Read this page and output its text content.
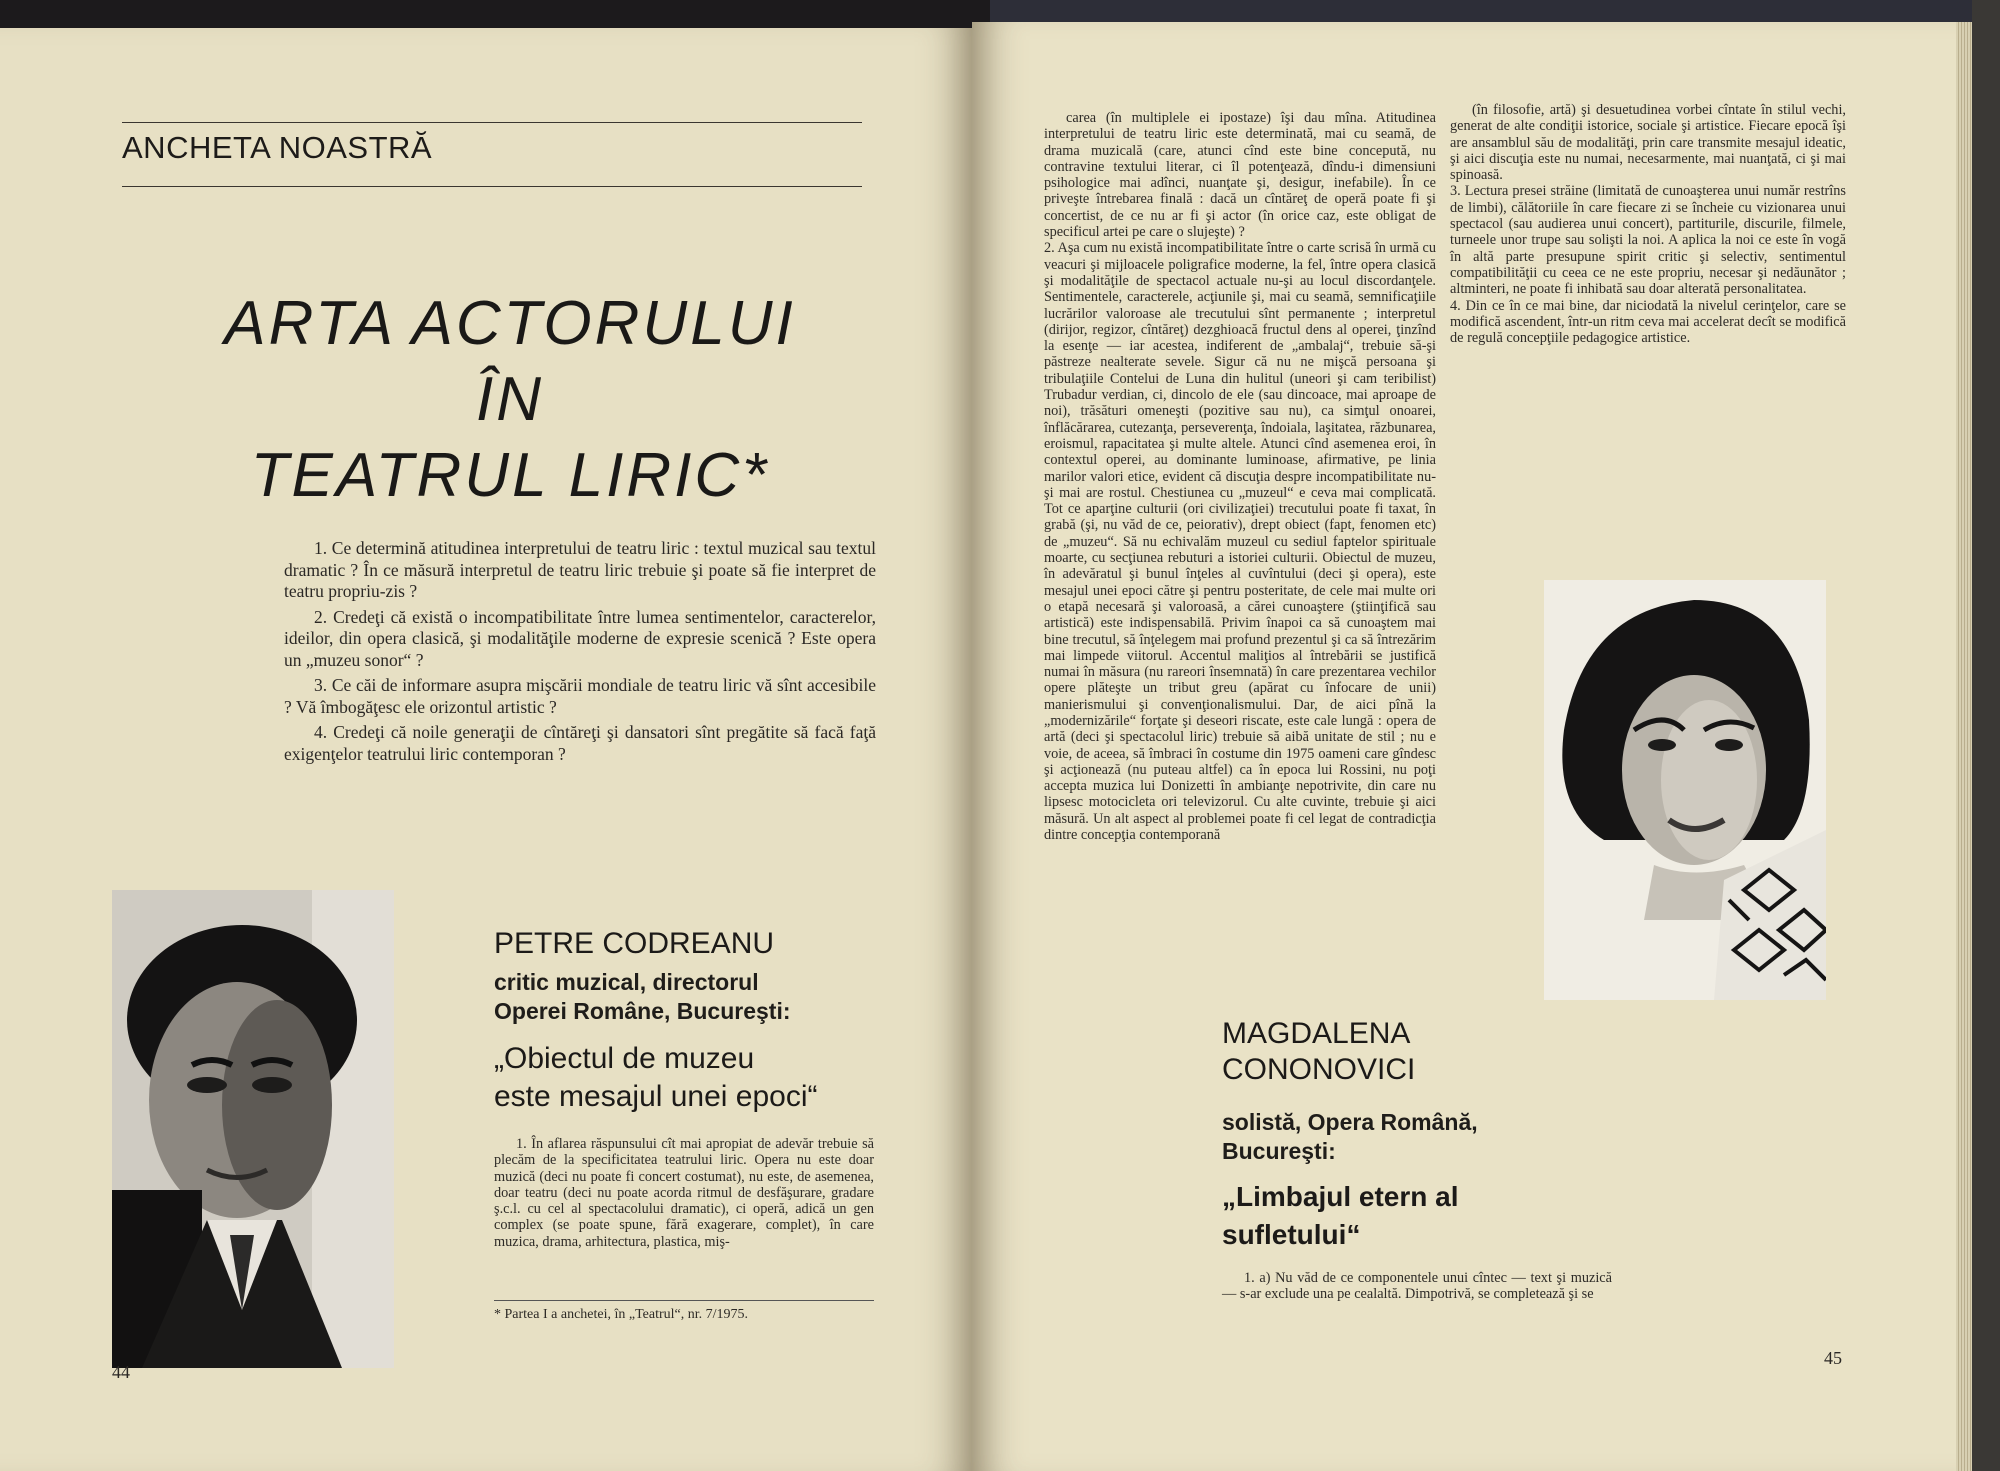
ANCHETA NOASTRĂ
ARTA ACTORULUI
ÎN
TEATRUL LIRIC*

1. Ce determină atitudinea interpretului de teatru liric : textul muzical sau textul dramatic ? În ce măsură interpretul de teatru liric trebuie şi poate să fie interpret de teatru propriu-zis ?

2. Credeţi că există o incompatibilitate între lumea sentimentelor, caracterelor, ideilor, din opera clasică, şi modalităţile moderne de expresie scenică ? Este opera un „muzeu sonor“ ?

3. Ce căi de informare asupra mişcării mondiale de teatru liric vă sînt accesibile ? Vă îmbogăţesc ele orizontul artistic ?

4. Credeţi că noile generaţii de cîntăreţi şi dansatori sînt pregătite să facă faţă exigenţelor teatrului liric contemporan ?

PETRE CODREANU
critic muzical, directorul
Operei Române, Bucureşti:
„Obiectul de muzeu
este mesajul unei epoci“

1. În aflarea răspunsului cît mai apropiat de adevăr trebuie să plecăm de la specificitatea teatrului liric. Opera nu este doar muzică (deci nu poate fi concert costumat), nu este, de asemenea, doar teatru (deci nu poate acorda ritmul de desfăşurare, gradare ş.c.l. cu cel al spectacolului dramatic), ci operă, adică un gen complex (se poate spune, fără exagerare, complet), în care muzica, drama, arhitectura, plastica, miş-

* Partea I a anchetei, în „Teatrul“, nr. 7/1975.
44

carea (în multiplele ei ipostaze) îşi dau mîna. Atitudinea interpretului de teatru liric este determinată, mai cu seamă, de drama muzicală (care, atunci cînd este bine concepută, nu contravine textului literar, ci îl potenţează, dîndu-i dimensiuni psihologice mai adînci, nuanţate şi, desigur, inefabile). În ce priveşte întrebarea finală : dacă un cîntăreţ de operă poate fi şi concertist, de ce nu ar fi şi actor (în orice caz, este obligat de specificul artei pe care o slujeşte) ?
2. Aşa cum nu există incompatibilitate între o carte scrisă în urmă cu veacuri şi mijloacele poligrafice moderne, la fel, între opera clasică şi modalităţile de spectacol actuale nu-şi au locul discordanţele. Sentimentele, caracterele, acţiunile şi, mai cu seamă, semnificaţiile lucrărilor valoroase ale trecutului sînt permanente ; interpretul (dirijor, regizor, cîntăreţ) dezghioacă fructul dens al operei, ţinzînd la esenţe — iar acestea, indiferent de „ambalaj“, trebuie să-şi păstreze nealterate sevele. Sigur că nu ne mişcă persoana şi tribulaţiile Contelui de Luna din hulitul (uneori şi cam teribilist) Trubadur verdian, ci, dincolo de ele (sau dincoace, mai aproape de noi), trăsături omeneşti (pozitive sau nu), ca simţul onoarei, înflăcărarea, cutezanţa, perseverenţa, îndoiala, laşitatea, răzbunarea, eroismul, rapacitatea şi multe altele. Atunci cînd asemenea eroi, în contextul operei, au dominante luminoase, afirmative, pe linia marilor valori etice, evident că discuţia despre incompatibilitate nu-şi mai are rostul. Chestiunea cu „muzeul“ e ceva mai complicată. Tot ce aparţine culturii (ori civilizaţiei) trecutului poate fi taxat, în grabă (şi, nu văd de ce, peiorativ), drept obiect (fapt, fenomen etc) de „muzeu“. Să nu echivalăm muzeul cu sediul faptelor spirituale moarte, cu secţiunea rebuturi a istoriei culturii. Obiectul de muzeu, în adevăratul şi bunul înţeles al cuvîntului (deci şi opera), este mesajul unei epoci către şi pentru posteritate, de cele mai multe ori o etapă necesară şi valoroasă, a cărei cunoaştere (ştiinţifică sau artistică) este indispensabilă. Privim înapoi ca să cunoaştem mai bine trecutul, să înţelegem mai profund prezentul şi ca să întrezărim mai limpede viitorul. Accentul maliţios al întrebării se justifică numai în măsura (nu rareori însemnată) în care prezentarea vechilor opere plăteşte un tribut greu (apărat cu înfocare de unii) manierismului şi convenţionalismului. Dar, de aici pînă la „modernizările“ forţate şi deseori riscate, este cale lungă : opera de artă (deci şi spectacolul liric) trebuie să aibă unitate de stil ; nu e voie, de aceea, să îmbraci în costume din 1975 oameni care gîndesc şi acţionează (nu puteau altfel) ca în epoca lui Rossini, nu poţi accepta muzica lui Donizetti în ambianţe nepotrivite, din care nu lipsesc motocicleta ori televizorul. Cu alte cuvinte, trebuie şi aici măsură. Un alt aspect al problemei poate fi cel legat de contradicţia dintre concepţia contemporană

(în filosofie, artă) şi desuetudinea vorbei cîntate în stilul vechi, generat de alte condiţii istorice, sociale şi artistice. Fiecare epocă îşi are ansamblul său de modalităţi, prin care transmite mesajul ideatic, şi aici discuţia este nu numai, necesarmente, mai nuanţată, ci şi mai spinoasă.
3. Lectura presei străine (limitată de cunoaşterea unui număr restrîns de limbi), călătoriile în care fiecare zi se încheie cu vizionarea unui spectacol (sau audierea unui concert), partiturile, discurile, filmele, turneele unor trupe sau solişti la noi. A aplica la noi ce este în vogă în altă parte presupune spirit critic şi selectiv, sentimentul compatibilităţii cu ceea ce ne este propriu, necesar şi nedăunător ; altminteri, ne poate fi inhibată sau doar alterată personalitatea.
4. Din ce în ce mai bine, dar niciodată la nivelul cerinţelor, care se modifică ascendent, într-un ritm ceva mai accelerat decît se modifică de regulă concepţiile pedagogice artistice.

MAGDALENA
CONONOVICI
solistă, Opera Română,
Bucureşti:
„Limbajul etern al
sufletului“

1. a) Nu văd de ce componentele unui cîntec — text şi muzică — s-ar exclude una pe cealaltă. Dimpotrivă, se completează şi se

45
